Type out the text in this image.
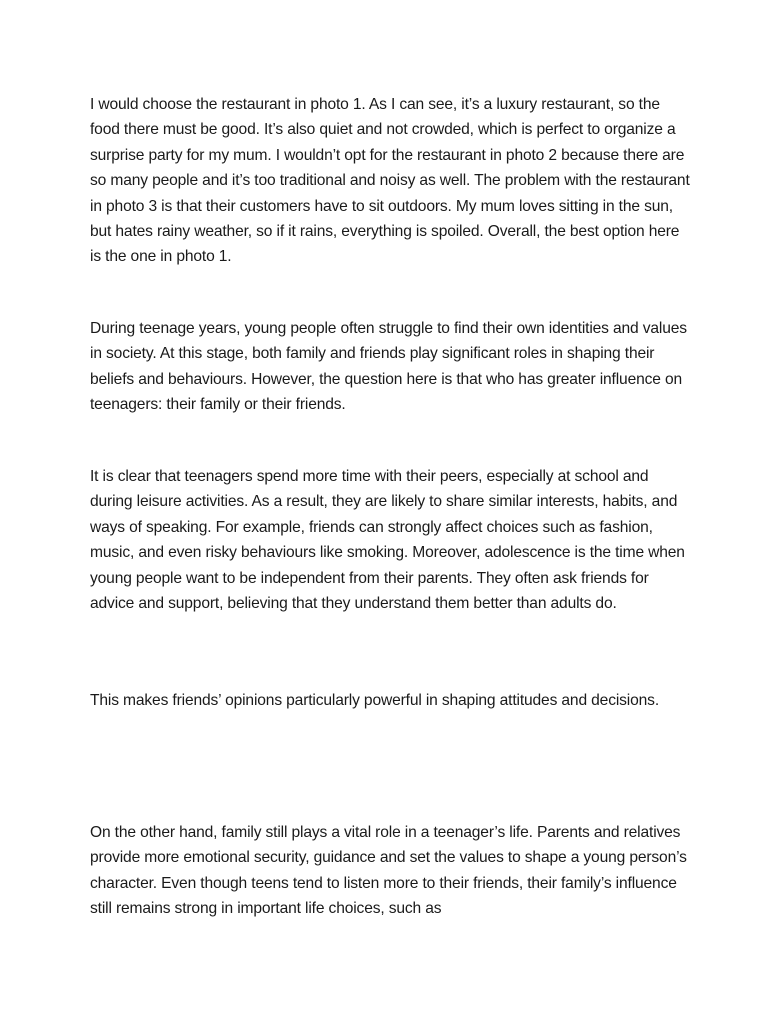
I would choose the restaurant in photo 1. As I can see, it’s a luxury restaurant, so the food there must be good. It’s also quiet and not crowded, which is perfect to organize a surprise party for my mum. I wouldn’t opt for the restaurant in photo 2 because there are so many people and it’s too traditional and noisy as well. The problem with the restaurant in photo 3 is that their customers have to sit outdoors. My mum loves sitting in the sun, but hates rainy weather, so if it rains, everything is spoiled. Overall, the best option here is the one in photo 1.

During teenage years, young people often struggle to find their own identities and values in society. At this stage, both family and friends play significant roles in shaping their beliefs and behaviours. However, the question here is that who has greater influence on teenagers: their family or their friends.

It is clear that teenagers spend more time with their peers, especially at school and during leisure activities. As a result, they are likely to share similar interests, habits, and ways of speaking. For example, friends can strongly affect choices such as fashion, music, and even risky behaviours like smoking. Moreover, adolescence is the time when young people want to be independent from their parents. They often ask friends for advice and support, believing that they understand them better than adults do.

This makes friends’ opinions particularly powerful in shaping attitudes and decisions.

On the other hand, family still plays a vital role in a teenager’s life. Parents and relatives provide more emotional security, guidance and set the values to shape a young person’s character. Even though teens tend to listen more to their friends, their family’s influence still remains strong in important life choices, such as
